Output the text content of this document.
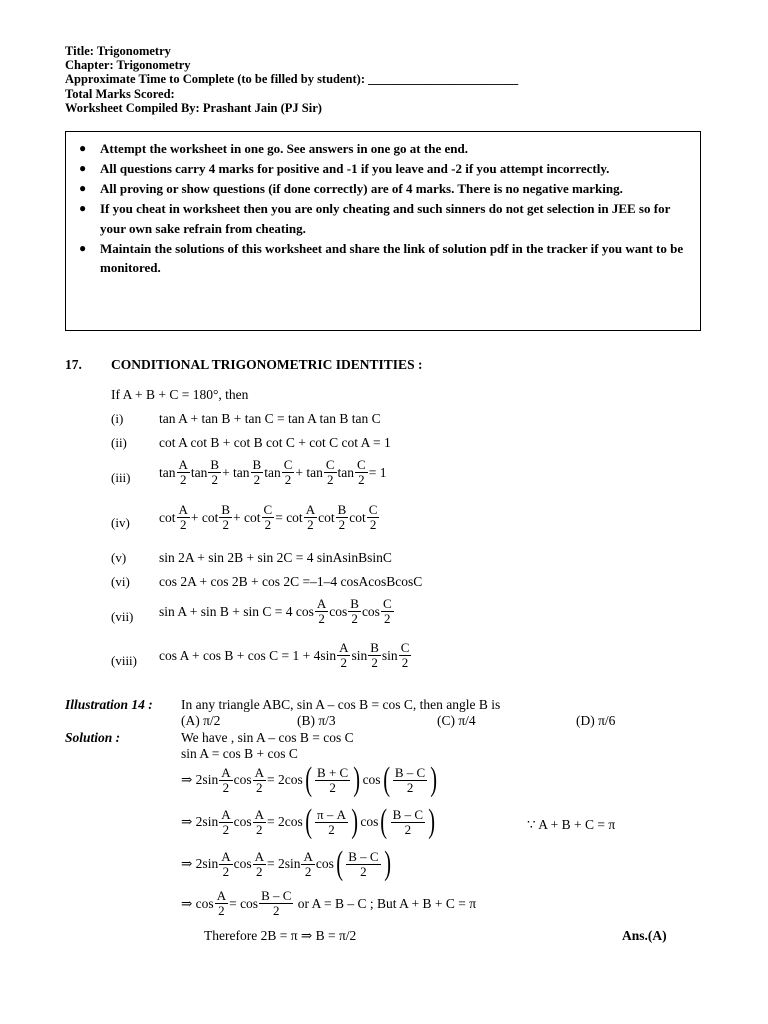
Title: Trigonometry
Chapter: Trigonometry
Approximate Time to Complete (to be filled by student): ________________________
Total Marks Scored:
Worksheet Compiled By: Prashant Jain (PJ Sir)
● Attempt the worksheet in one go. See answers in one go at the end.
● All questions carry 4 marks for positive and -1 if you leave and -2 if you attempt incorrectly.
● All proving or show questions (if done correctly) are of 4 marks. There is no negative marking.
● If you cheat in worksheet then you are only cheating and such sinners do not get selection in JEE so for your own sake refrain from cheating.
● Maintain the solutions of this worksheet and share the link of solution pdf in the tracker if you want to be monitored.
17. CONDITIONAL TRIGONOMETRIC IDENTITIES :
If A + B + C = 180°, then
(i)	tan A + tan B + tan C = tan A tan B tan C
(ii) cot A cot B + cot B cot C + cot C cot A = 1
(iii) $\tan \frac{A}{2}$ $\tan \frac{B}{2} + \tan \frac{B}{2}$ $\tan \frac{C}{2} + \tan \frac{C}{2}$ $\tan \frac{C}{2} = 1$
(iv) $\cot \frac{A}{2} + \cot \frac{B}{2} + \cot \frac{C}{2} = \cot \frac{A}{2}$ $\cot \frac{B}{2}$ $\cot \frac{C}{2}$
(v) sin 2A + sin 2B + sin 2C = 4 sinAsinBsinC
(vi) cos 2A + cos 2B + cos 2C =–1–4 cosAcosBcosC
(vii) sin A + sin B + sin C = 4 $\cos \frac{A}{2}$ $\cos \frac{B}{2}$ $\cos \frac{C}{2}$
(viii) $\cos A + \cos B + \cos C = 1 + 4\sin \frac{A}{2}$ $\sin \frac{B}{2}$ $\sin \frac{C}{2}$
Illustration 14 : In any triangle ABC, sin A – cos B = cos C, then angle B is
(A) π/2	(B) π/3	(C) π/4	(D) π/6
Solution :	We have , sin A – cos B = cos C
sin A = cos B + cos C
⇒ $2\sin \frac{A}{2}$ $\cos \frac{A}{2} = 2\cos$ ( $\frac{B + C}{2}$ ) cos ( $\frac{B - C}{2}$ )
⇒ $2\sin \frac{A}{2}$ $\cos \frac{A}{2} = 2\cos$ ( $\frac{\pi - A}{2}$ ) cos ( $\frac{B - C}{2}$ )	∵ A + B + C = π
⇒ $2\sin \frac{A}{2}$ $\cos \frac{A}{2} = 2\sin \frac{A}{2}$ cos ( $\frac{B - C}{2}$ )
⇒ $\cos \frac{A}{2} = \cos \frac{B - C}{2}$
or A = B – C ; But A + B + C = π
Therefore 2B = π ⇒ B = π/2	Ans.(A)
